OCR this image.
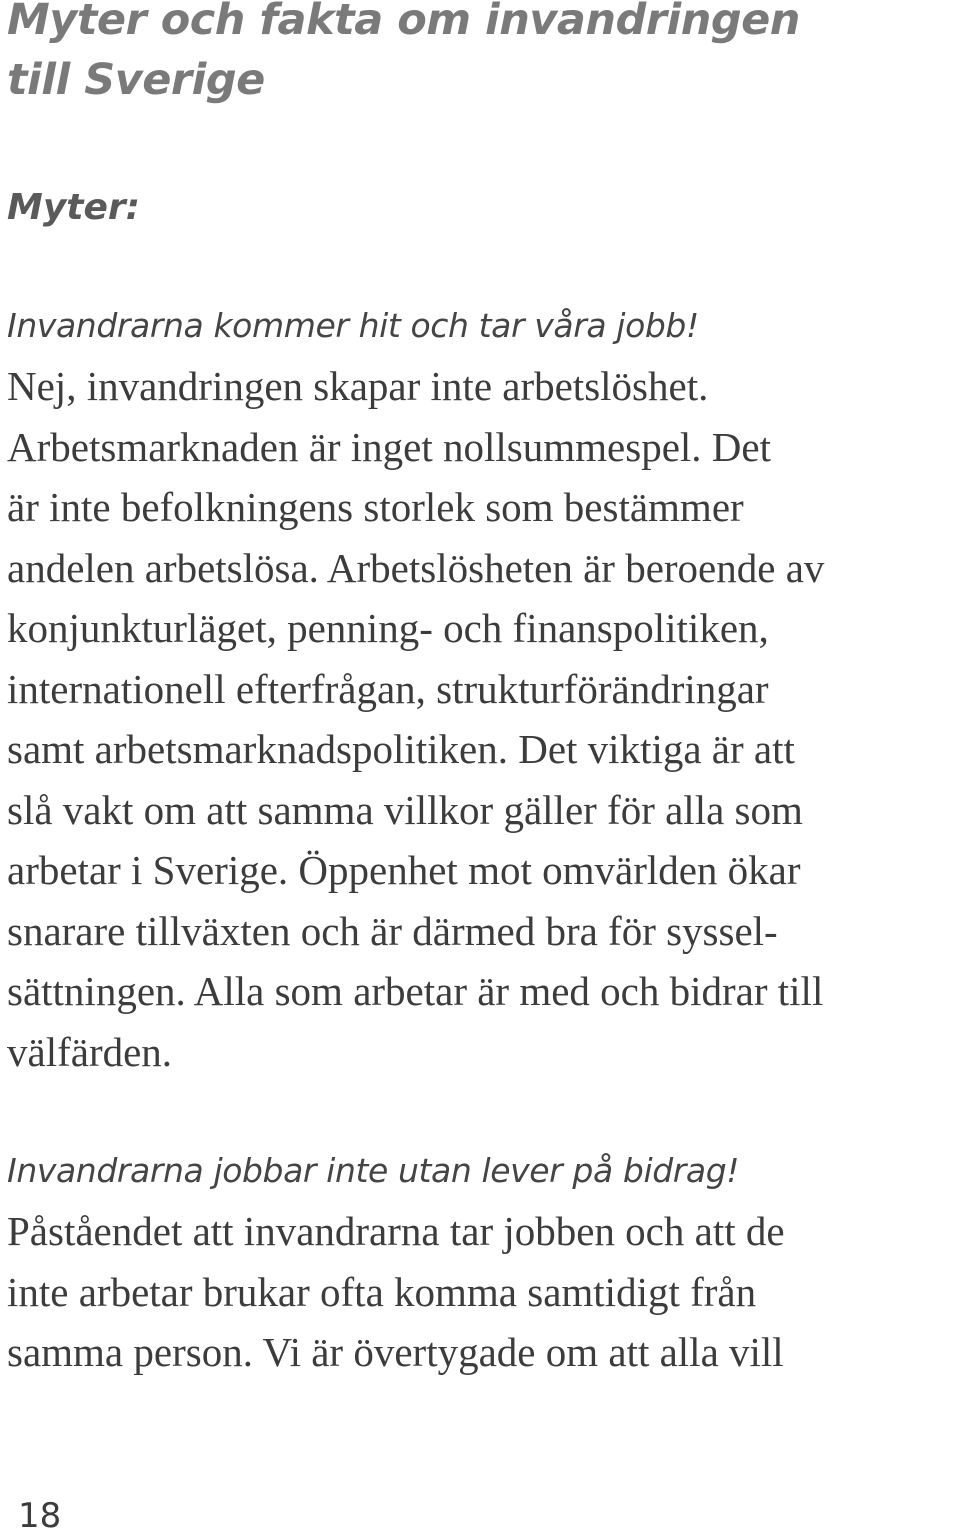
Myter och fakta om invandringen
till Sverige
Myter:
Invandrarna kommer hit och tar våra jobb!
Nej, invandringen skapar inte arbetslöshet.
Arbetsmarknaden är inget nollsummespel. Det
är inte befolkningens storlek som bestämmer
andelen arbetslösa. Arbetslösheten är beroende av
konjunkturläget, penning- och finanspolitiken,
internationell efterfrågan, strukturförändringar
samt arbetsmarknadspolitiken. Det viktiga är att
slå vakt om att samma villkor gäller för alla som
arbetar i Sverige. Öppenhet mot omvärlden ökar
snarare tillväxten och är därmed bra för syssel-
sättningen. Alla som arbetar är med och bidrar till
välfärden.
Invandrarna jobbar inte utan lever på bidrag!
Påståendet att invandrarna tar jobben och att de
inte arbetar brukar ofta komma samtidigt från
samma person. Vi är övertygade om att alla vill
18
